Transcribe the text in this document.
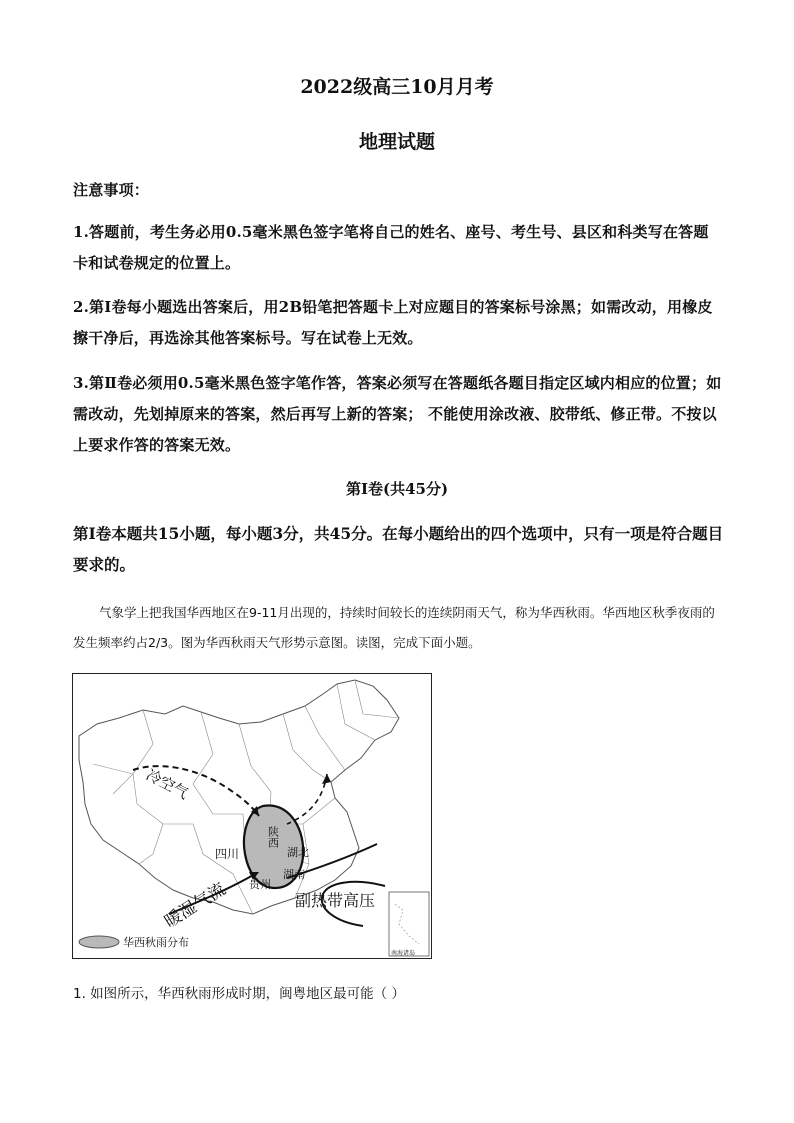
2022级高三10月月考
地理试题
注意事项：
1.答题前，考生务必用0.5毫米黑色签字笔将自己的姓名、座号、考生号、县区和科类写在答题卡和试卷规定的位置上。
2.第Ⅰ卷每小题选出答案后，用2B铅笔把答题卡上对应题目的答案标号涂黑；如需改动，用橡皮擦干净后，再选涂其他答案标号。写在试卷上无效。
3.第Ⅱ卷必须用0.5毫米黑色签字笔作答，答案必须写在答题纸各题目指定区域内相应的位置；如需改动，先划掉原来的答案，然后再写上新的答案； 不能使用涂改液、胶带纸、修正带。不按以上要求作答的答案无效。
第Ⅰ卷(共45分)
第Ⅰ卷本题共15小题，每小题3分，共45分。在每小题给出的四个选项中，只有一项是符合题目要求的。
气象学上把我国华西地区在9-11月出现的，持续时间较长的连续阴雨天气，称为华西秋雨。华西地区秋季夜雨的发生频率约占2/3。图为华西秋雨天气形势示意图。读图，完成下面小题。
冷空气
陕西
四川	湖北
湖南
贵州
暖湿气流	副热带高压
南海诸岛
华西秋雨分布
1. 如图所示，华西秋雨形成时期，闽粤地区最可能（ ）
